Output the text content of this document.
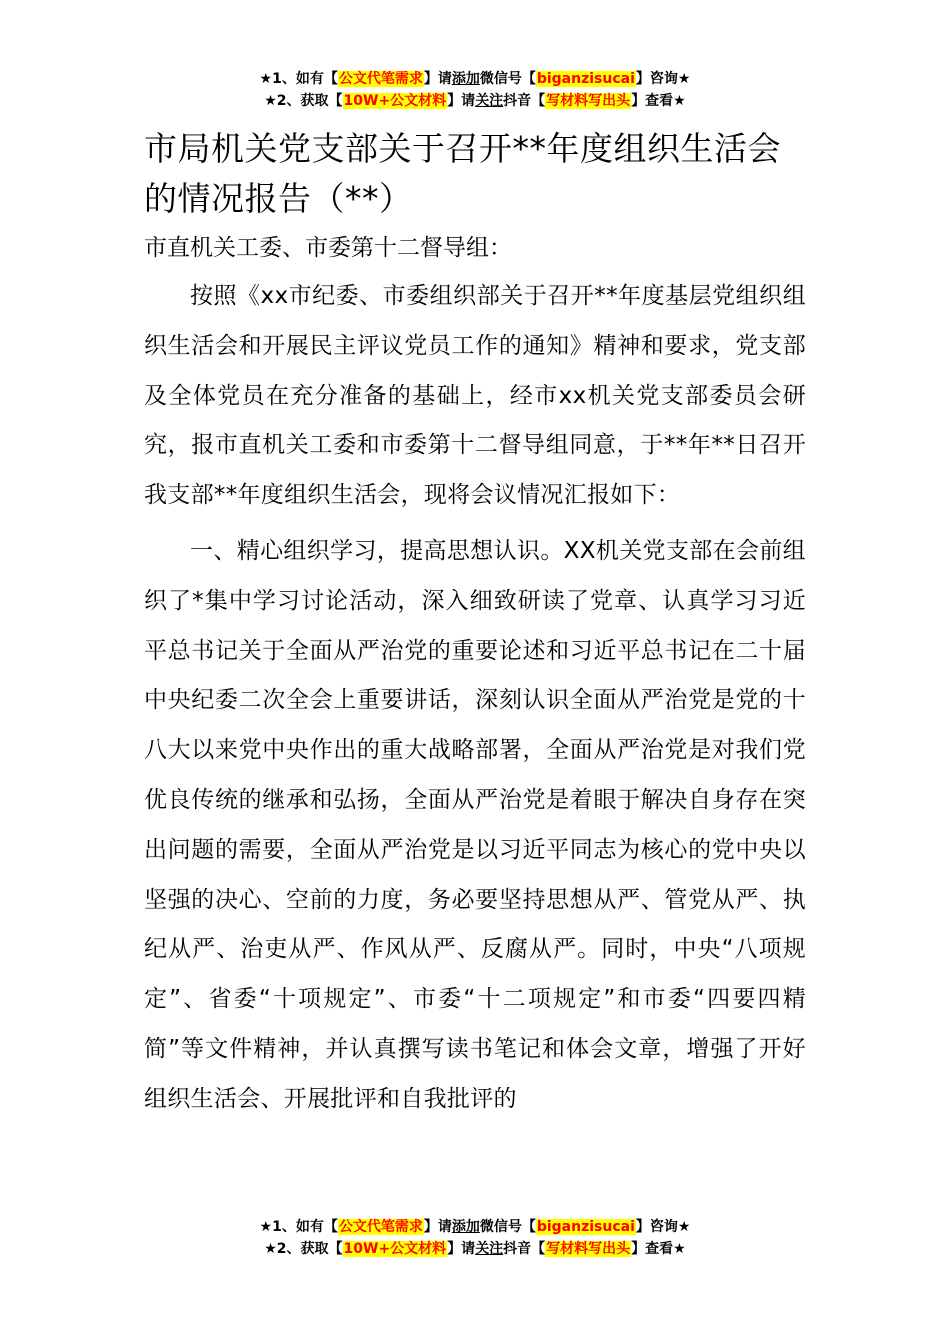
★1、如有【公文代笔需求】请添加微信号【biganzisucai】咨询★
★2、获取【10W+公文材料】请关注抖音【写材料写出头】查看★
市局机关党支部关于召开**年度组织生活会的情况报告（**）

市直机关工委、市委第十二督导组：

按照《xx市纪委、市委组织部关于召开**年度基层党组织组织生活会和开展民主评议党员工作的通知》精神和要求，党支部及全体党员在充分准备的基础上，经市xx机关党支部委员会研究，报市直机关工委和市委第十二督导组同意，于**年**日召开我支部**年度组织生活会，现将会议情况汇报如下：

一、精心组织学习，提高思想认识。XX机关党支部在会前组织了*集中学习讨论活动，深入细致研读了党章、认真学习习近平总书记关于全面从严治党的重要论述和习近平总书记在二十届中央纪委二次全会上重要讲话，深刻认识全面从严治党是党的十八大以来党中央作出的重大战略部署，全面从严治党是对我们党优良传统的继承和弘扬，全面从严治党是着眼于解决自身存在突出问题的需要，全面从严治党是以习近平同志为核心的党中央以坚强的决心、空前的力度，务必要坚持思想从严、管党从严、执纪从严、治吏从严、作风从严、反腐从严。同时，中央“八项规定”、省委“十项规定”、市委“十二项规定”和市委“四要四精简”等文件精神，并认真撰写读书笔记和体会文章，增强了开好组织生活会、开展批评和自我批评的

★1、如有【公文代笔需求】请添加微信号【biganzisucai】咨询★
★2、获取【10W+公文材料】请关注抖音【写材料写出头】查看★
